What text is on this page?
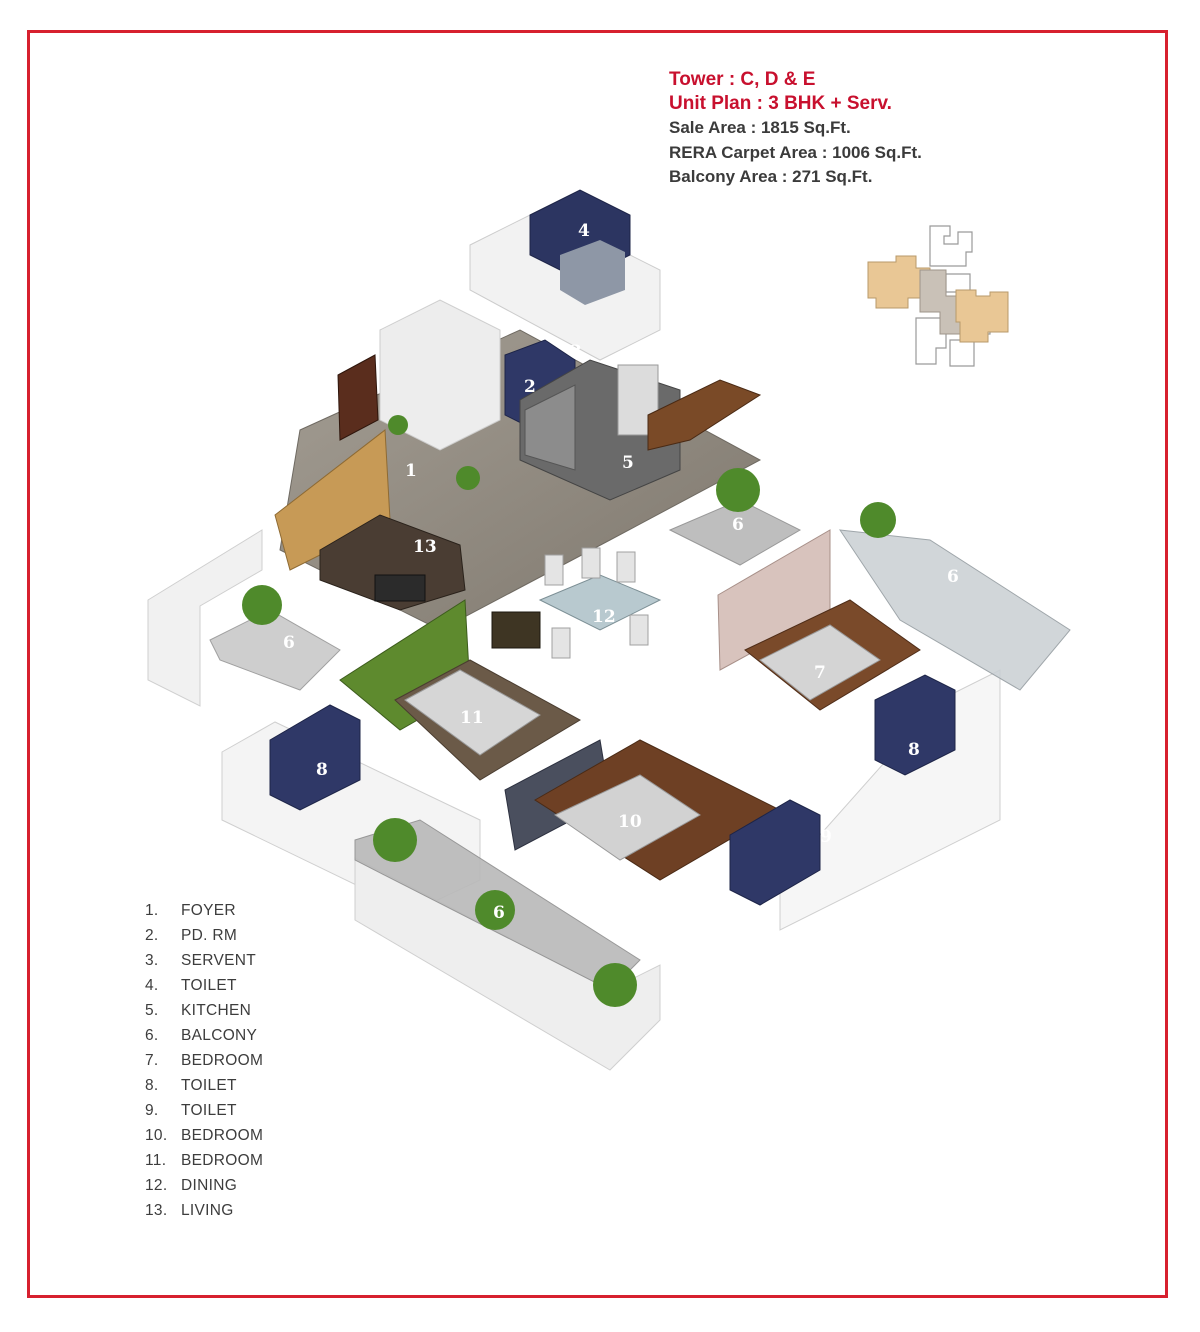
Tower : C, D & E
Unit Plan : 3 BHK + Serv.
Sale Area : 1815 Sq.Ft.
RERA Carpet Area : 1006 Sq.Ft.
Balcony Area : 271 Sq.Ft.
1
2
3
4
5
6
6
13
12
6
7
11
8
8
10
9
6
1.	FOYER
2.	PD. RM
3.	SERVENT
4.	TOILET
5.	KITCHEN
6.	BALCONY
7.	BEDROOM
8.	TOILET
9.	TOILET
10. BEDROOM
11. BEDROOM
12. DINING
13. LIVING
